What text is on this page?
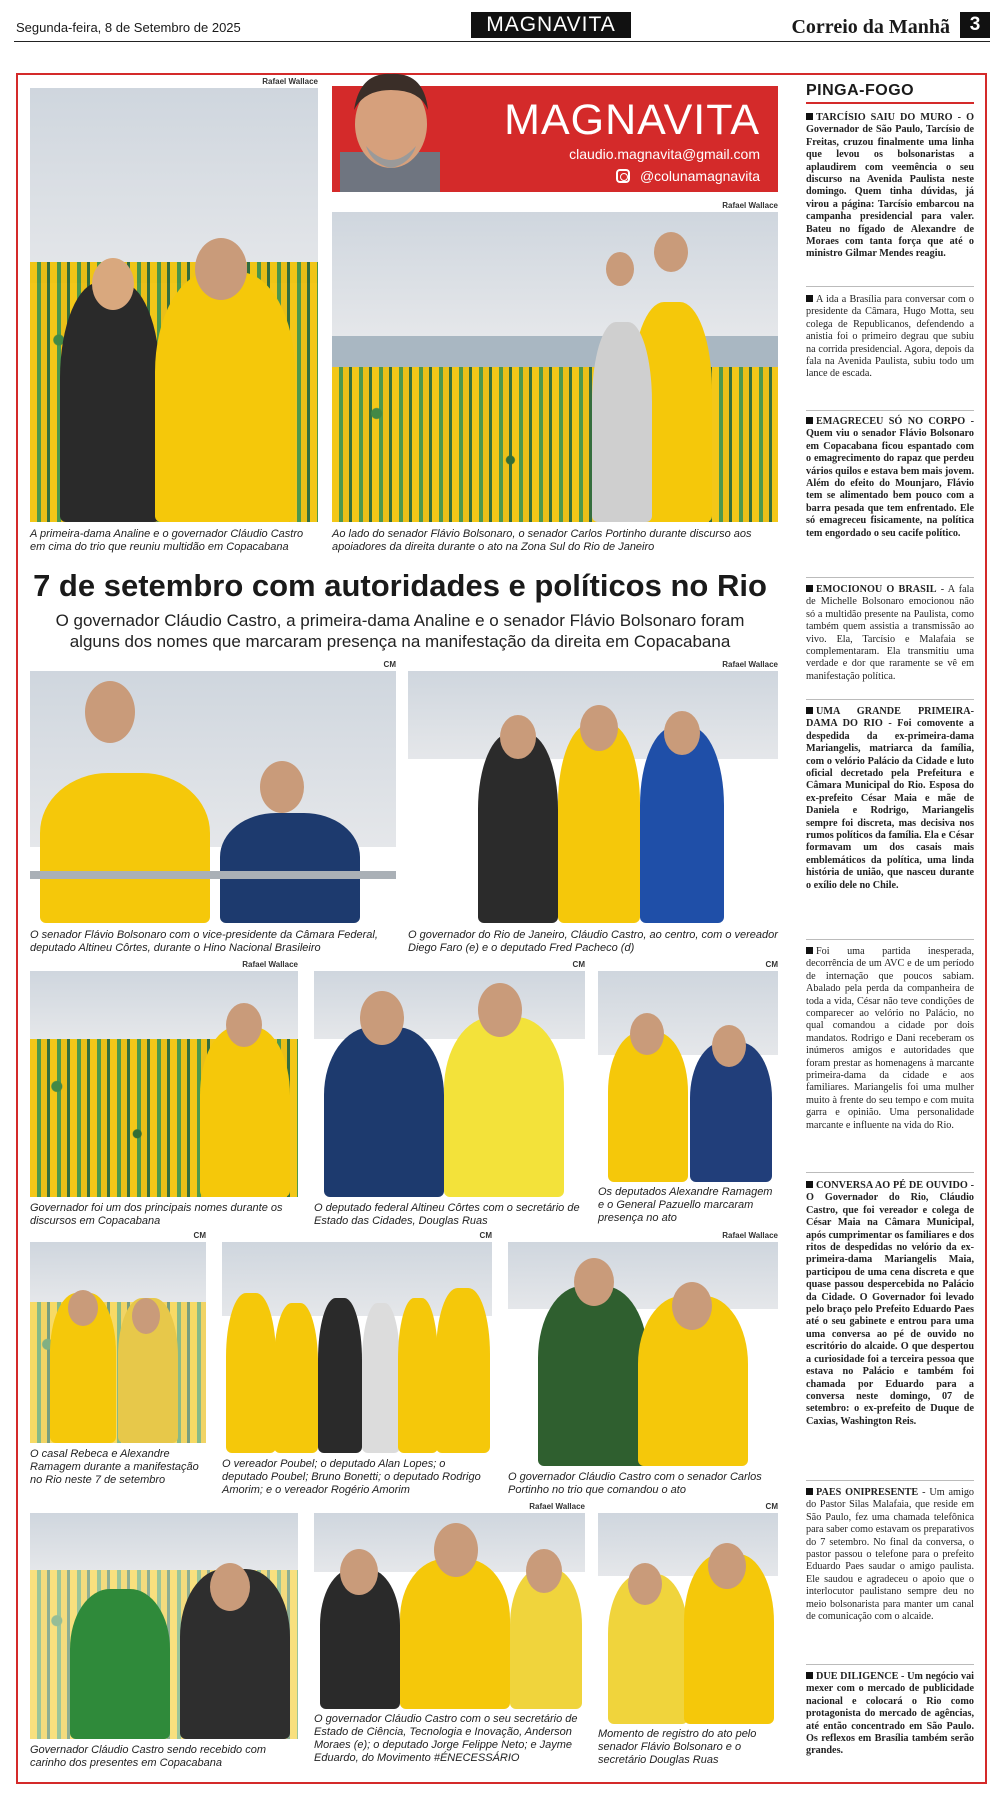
Segunda-feira, 8 de Setembro de 2025	MAGNAVITA	Correio da Manhã	3
Rafael Wallace
A primeira-dama Analine e o governador Cláudio Castro em cima do trio que reuniu multidão em Copacabana
MAGNAVITA
claudio.magnavita@gmail.com
@colunamagnavita
Rafael Wallace
Ao lado do senador Flávio Bolsonaro, o senador Carlos Portinho durante discurso aos apoiadores da direita durante o ato na Zona Sul do Rio de Janeiro
7 de setembro com autoridades e políticos no Rio
O governador Cláudio Castro, a primeira-dama Analine e o senador Flávio Bolsonaro foram alguns dos nomes que marcaram presença na manifestação da direita em Copacabana
CM
O senador Flávio Bolsonaro com o vice-presidente da Câmara Federal, deputado Altineu Côrtes, durante o Hino Nacional Brasileiro
Rafael Wallace
O governador do Rio de Janeiro, Cláudio Castro, ao centro, com o vereador Diego Faro (e) e o deputado Fred Pacheco (d)
Rafael Wallace
Governador foi um dos principais nomes durante os discursos em Copacabana
CM
O deputado federal Altineu Côrtes com o secretário de Estado das Cidades, Douglas Ruas
CM
Os deputados Alexandre Ramagem e o General Pazuello marcaram presença no ato
CM
O casal Rebeca e Alexandre Ramagem durante a manifestação no Rio neste 7 de setembro
CM
O vereador Poubel; o deputado Alan Lopes; o deputado Poubel; Bruno Bonetti; o deputado Rodrigo Amorim; e o vereador Rogério Amorim
Rafael Wallace
O governador Cláudio Castro com o senador Carlos Portinho no trio que comandou o ato
Governador Cláudio Castro sendo recebido com carinho dos presentes em Copacabana
Rafael Wallace
O governador Cláudio Castro com o seu secretário de Estado de Ciência, Tecnologia e Inovação, Anderson Moraes (e); o deputado Jorge Felippe Neto; e Jayme Eduardo, do Movimento #ÉNECESSÁRIO
CM
Momento de registro do ato pelo senador Flávio Bolsonaro e o secretário Douglas Ruas
PINGA-FOGO
TARCÍSIO SAIU DO MURO - O Governador de São Paulo, Tarcísio de Freitas, cruzou finalmente uma linha que levou os bolsonaristas a aplaudirem com veemência o seu discurso na Avenida Paulista neste domingo. Quem tinha dúvidas, já virou a página: Tarcísio embarcou na campanha presidencial para valer. Bateu no fígado de Alexandre de Moraes com tanta força que até o ministro Gilmar Mendes reagiu.
A ida a Brasília para conversar com o presidente da Câmara, Hugo Motta, seu colega de Republicanos, defendendo a anistia foi o primeiro degrau que subiu na corrida presidencial. Agora, depois da fala na Avenida Paulista, subiu todo um lance de escada.
EMAGRECEU SÓ NO CORPO - Quem viu o senador Flávio Bolsonaro em Copacabana ficou espantado com o emagrecimento do rapaz que perdeu vários quilos e estava bem mais jovem. Além do efeito do Mounjaro, Flávio tem se alimentado bem pouco com a barra pesada que tem enfrentado. Ele só emagreceu fisicamente, na política tem engordado o seu cacife político.
EMOCIONOU O BRASIL - A fala de Michelle Bolsonaro emocionou não só a multidão presente na Paulista, como também quem assistia a transmissão ao vivo. Ela, Tarcísio e Malafaia se complementaram. Ela transmitiu uma verdade e dor que raramente se vê em manifestação política.
UMA GRANDE PRIMEIRA-DAMA DO RIO - Foi comovente a despedida da ex-primeira-dama Mariangelis, matriarca da família, com o velório Palácio da Cidade e luto oficial decretado pela Prefeitura e Câmara Municipal do Rio. Esposa do ex-prefeito César Maia e mãe de Daniela e Rodrigo, Mariangelis sempre foi discreta, mas decisiva nos rumos políticos da família. Ela e César formavam um dos casais mais emblemáticos da política, uma linda história de união, que nasceu durante o exílio dele no Chile.
Foi uma partida inesperada, decorrência de um AVC e de um período de internação que poucos sabiam. Abalado pela perda da companheira de toda a vida, César não teve condições de comparecer ao velório no Palácio, no qual comandou a cidade por dois mandatos. Rodrigo e Dani receberam os inúmeros amigos e autoridades que foram prestar as homenagens à marcante primeira-dama da cidade e aos familiares. Mariangelis foi uma mulher muito à frente do seu tempo e com muita garra e opinião. Uma personalidade marcante e influente na vida do Rio.
CONVERSA AO PÉ DE OUVIDO - O Governador do Rio, Cláudio Castro, que foi vereador e colega de César Maia na Câmara Municipal, após cumprimentar os familiares e dos ritos de despedidas no velório da ex-primeira-dama Mariangelis Maia, participou de uma cena discreta e que quase passou despercebida no Palácio da Cidade. O Governador foi levado pelo braço pelo Prefeito Eduardo Paes até o seu gabinete e entrou para uma uma conversa ao pé de ouvido no escritório do alcaide. O que despertou a curiosidade foi a terceira pessoa que estava no Palácio e também foi chamada por Eduardo para a conversa neste domingo, 07 de setembro: o ex-prefeito de Duque de Caxias, Washington Reis.
PAES ONIPRESENTE - Um amigo do Pastor Silas Malafaia, que reside em São Paulo, fez uma chamada telefônica para saber como estavam os preparativos do 7 setembro. No final da conversa, o pastor passou o telefone para o prefeito Eduardo Paes saudar o amigo paulista. Ele saudou e agradeceu o apoio que o interlocutor paulistano sempre deu no meio bolsonarista para manter um canal de comunicação com o alcaide.
DUE DILIGENCE - Um negócio vai mexer com o mercado de publicidade nacional e colocará o Rio como protagonista do mercado de agências, até então concentrado em São Paulo. Os reflexos em Brasília também serão grandes.
